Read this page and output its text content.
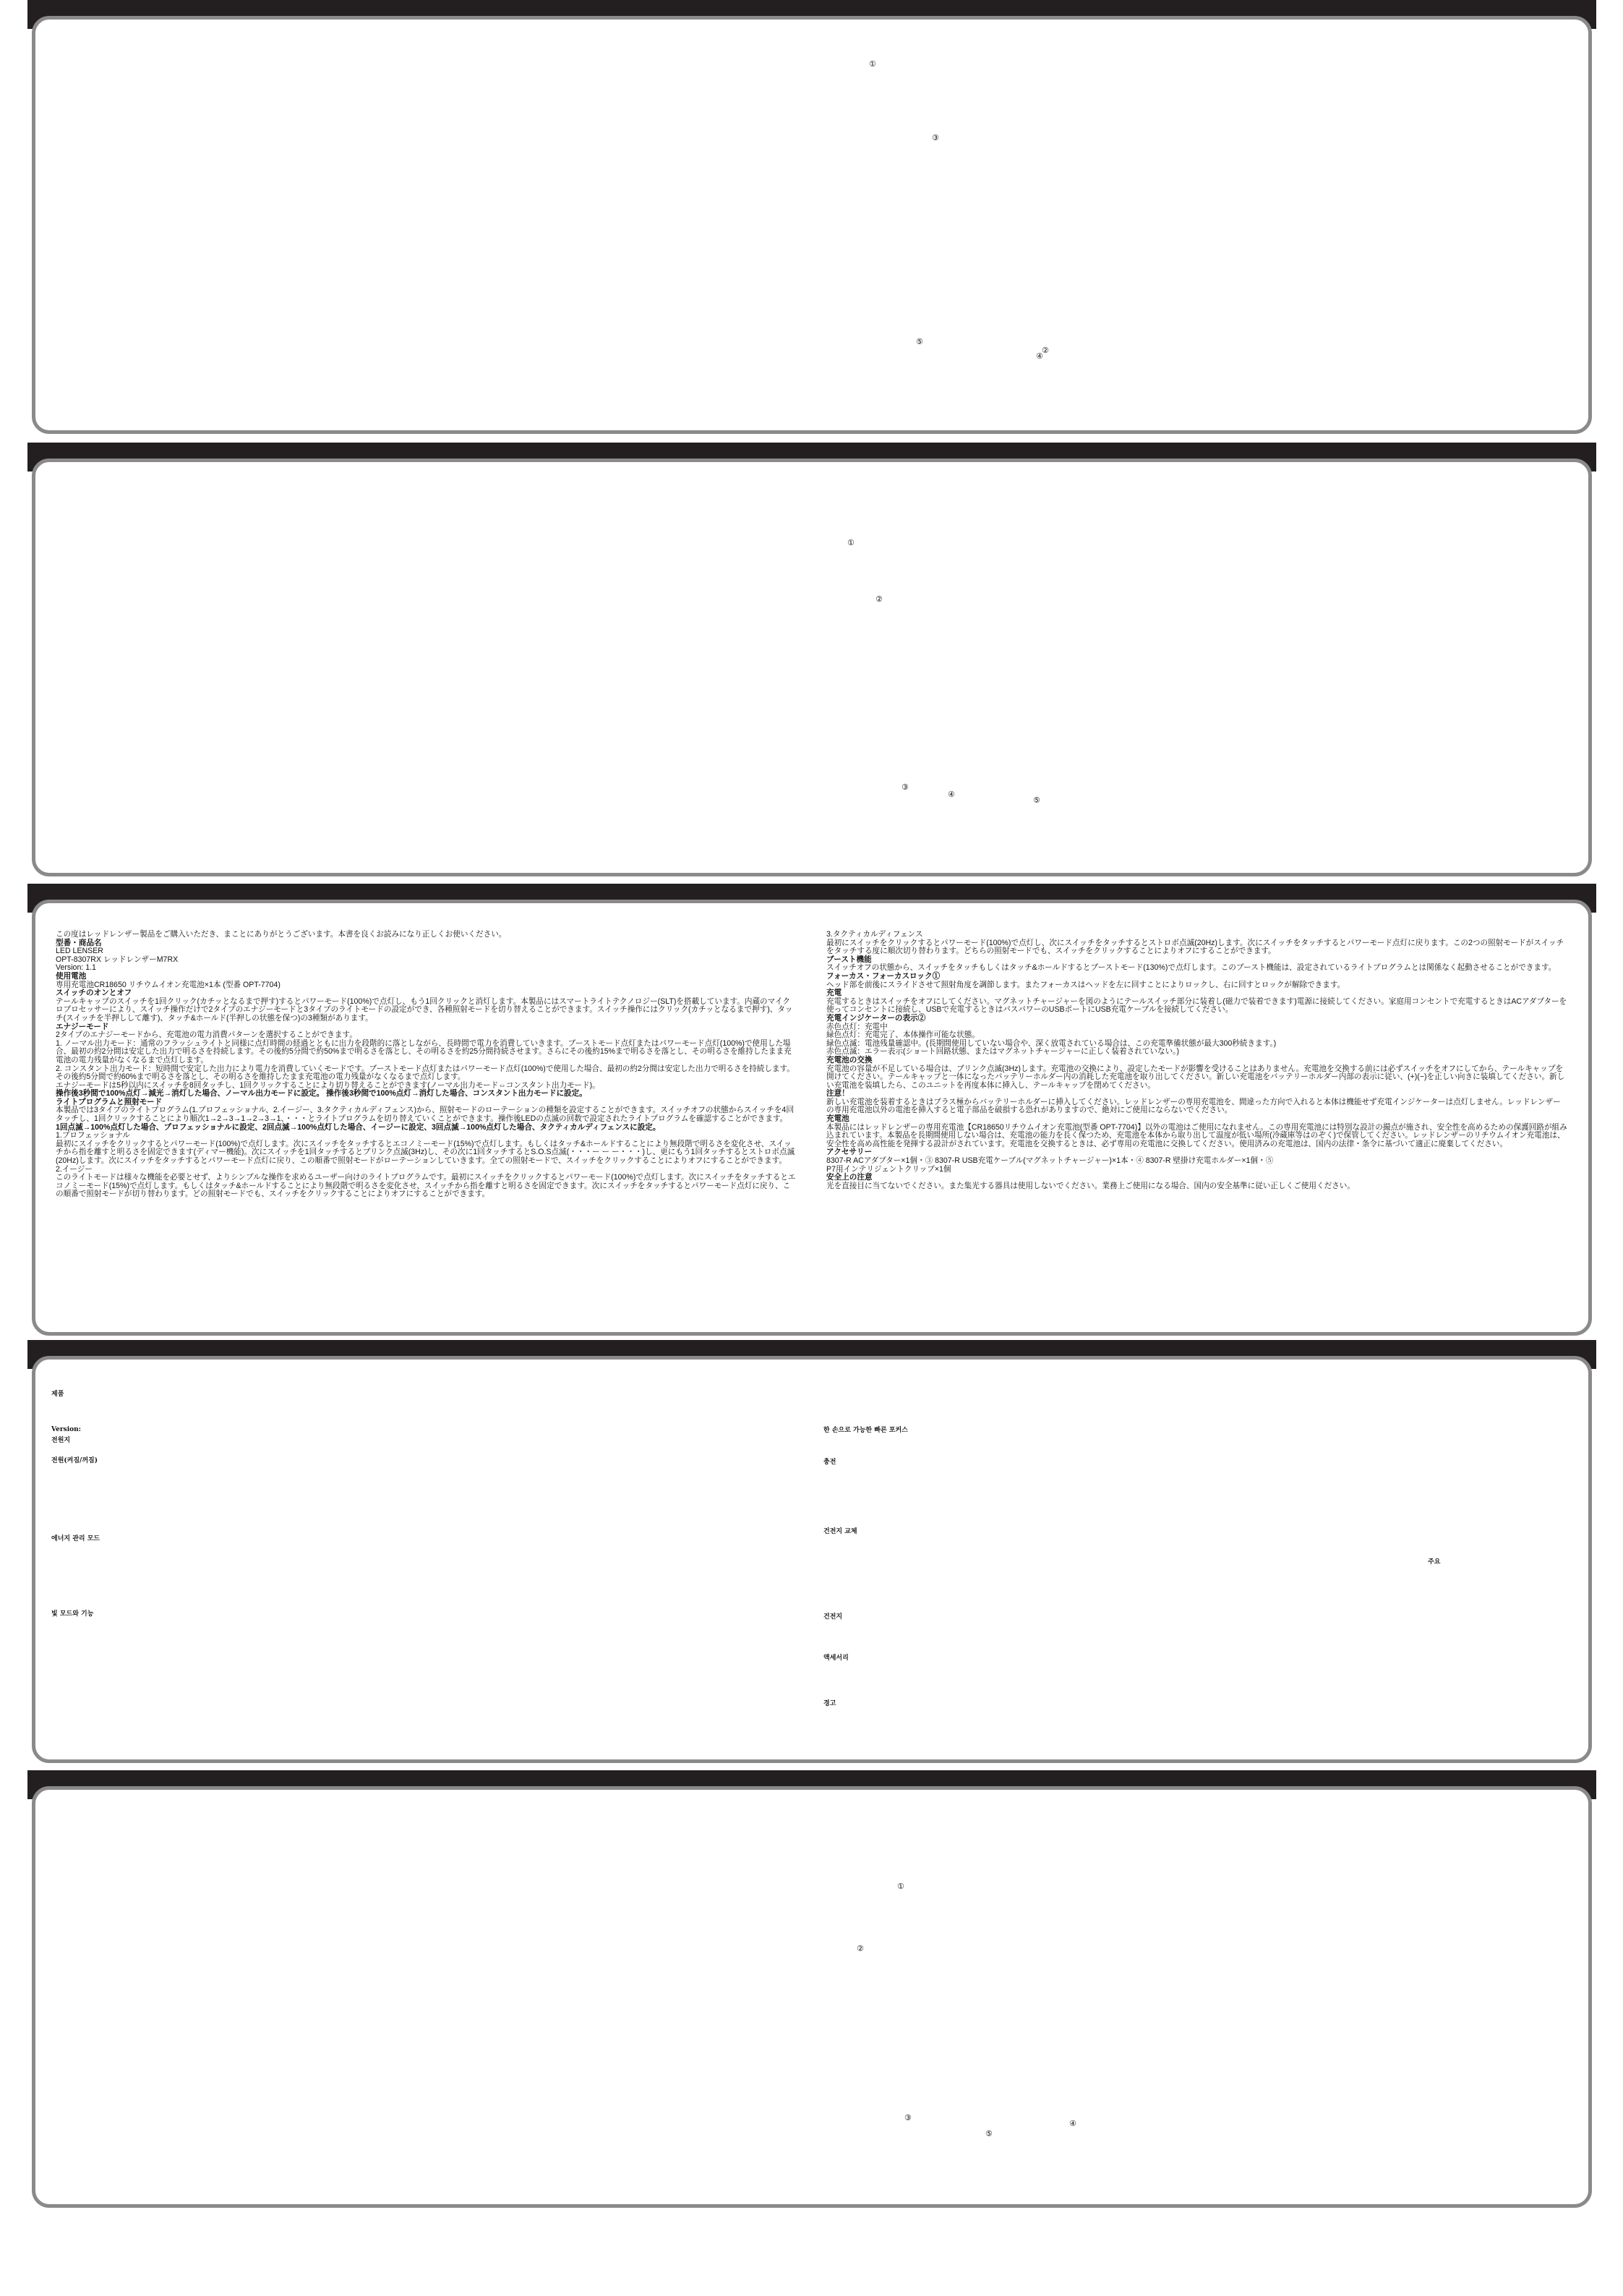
①
③
⑤
②
④
①
②
③
④
⑤

この度はレッドレンザー製品をご購入いただき、まことにありがとうございます。本書を良くお読みになり正しくお使いください。

型番・商品名

LED LENSER

OPT-8307RX レッドレンザーM7RX

Version: 1.1

使用電池

専用充電池CR18650 リチウムイオン充電池×1本 (型番 OPT-7704)

スイッチのオンとオフ

テールキャップのスイッチを1回クリック(カチッとなるまで押す)するとパワーモード(100%)で点灯し、もう1回クリックと消灯します。本製品にはスマートライトテクノロジー(SLT)を搭載しています。内蔵のマイクロプロセッサーにより、スイッチ操作だけで2タイプのエナジーモードと3タイプのライトモードの設定ができ、各種照射モードを切り替えることができます。スイッチ操作にはクリック(カチッとなるまで押す)、タッチ(スイッチを半押しして離す)、タッチ&ホールド(半押しの状態を保つ)の3種類があります。

エナジーモード

2タイプのエナジーモードから、充電池の電力消費パターンを選択することができます。

1. ノーマル出力モード：通常のフラッシュライトと同様に点灯時間の経過とともに出力を段階的に落としながら、長時間で電力を消費していきます。ブーストモード点灯またはパワーモード点灯(100%)で使用した場合、最初の約2分間は安定した出力で明るさを持続します。その後約5分間で約50%まで明るさを落とし、その明るさを約25分間持続させます。さらにその後約15%まで明るさを落とし、その明るさを維持したまま充電池の電力残量がなくなるまで点灯します。

2. コンスタント出力モード：短時間で安定した出力により電力を消費していくモードです。ブーストモード点灯またはパワーモード点灯(100%)で使用した場合、最初の約2分間は安定した出力で明るさを持続します。その後約5分間で約60%まで明るさを落とし、その明るさを維持したまま充電池の電力残量がなくなるまで点灯します。

エナジーモードは5秒以内にスイッチを8回タッチし、1回クリックすることにより切り替えることができます(ノーマル出力モード⇔コンスタント出力モード)。

操作後3秒間で100%点灯→減光→消灯した場合、ノーマル出力モードに設定。 操作後3秒間で100%点灯→消灯した場合、コンスタント出力モードに設定。

ライトプログラムと照射モード

本製品では3タイプのライトプログラム(1.プロフェッショナル、2.イージー、3.タクティカルディフェンス)から、照射モードのローテーションの種類を設定することができます。スイッチオフの状態からスイッチを4回タッチし、1回クリックすることにより順次1→2→3→1→2→3→1、・・・とライトプログラムを切り替えていくことができます。操作後LEDの点滅の回数で設定されたライトプログラムを確認することができます。

1回点滅→100%点灯した場合、プロフェッショナルに設定、2回点滅→100%点灯した場合、イージーに設定、3回点滅→100%点灯した場合、タクティカルディフェンスに設定。

1.プロフェッショナル

最初にスイッチをクリックするとパワーモード(100%)で点灯します。次にスイッチをタッチするとエコノミーモード(15%)で点灯します。もしくはタッチ&ホールドすることにより無段階で明るさを変化させ、スイッチから指を離すと明るさを固定できます(ディマー機能)。次にスイッチを1回タッチするとブリンク点滅(3Hz)し、その次に1回タッチするとS.O.S点滅(・・・ー ー ー・・・)し、更にもう1回タッチするとストロボ点滅(20Hz)します。次にスイッチをタッチするとパワーモード点灯に戻り、この順番で照射モードがローテーションしていきます。全ての照射モードで、スイッチをクリックすることによりオフにすることができます。

2.イージー

このライトモードは様々な機能を必要とせず、よりシンプルな操作を求めるユーザー向けのライトプログラムです。最初にスイッチをクリックするとパワーモード(100%)で点灯します。次にスイッチをタッチするとエコノミーモード(15%)で点灯します。もしくはタッチ&ホールドすることにより無段階で明るさを変化させ、スイッチから指を離すと明るさを固定できます。次にスイッチをタッチするとパワーモード点灯に戻り、この順番で照射モードが切り替わります。どの照射モードでも、スイッチをクリックすることによりオフにすることができます。

3.タクティカルディフェンス

最初にスイッチをクリックするとパワーモード(100%)で点灯し、次にスイッチをタッチするとストロボ点滅(20Hz)します。次にスイッチをタッチするとパワーモード点灯に戻ります。この2つの照射モードがスイッチをタッチする度に順次切り替わります。どちらの照射モードでも、スイッチをクリックすることによりオフにすることができます。

ブースト機能

スイッチオフの状態から、スイッチをタッチもしくはタッチ&ホールドするとブーストモード(130%)で点灯します。このブースト機能は、設定されているライトプログラムとは関係なく起動させることができます。

フォーカス・フォーカスロック①

ヘッド部を前後にスライドさせて照射角度を調節します。またフォーカスはヘッドを左に回すことによりロックし、右に回すとロックが解除できます。

充電

充電するときはスイッチをオフにしてください。マグネットチャージャーを図のようにテールスイッチ部分に装着し(磁力で装着できます)電源に接続してください。家庭用コンセントで充電するときはACアダプターを使ってコンセントに接続し、USBで充電するときはパスパワーのUSBポートにUSB充電ケーブルを接続してください。

充電インジケーターの表示②

赤色点灯：充電中

緑色点灯：充電完了、本体操作可能な状態。

緑色点滅：電池残量確認中。(長期間使用していない場合や、深く放電されている場合は、この充電準備状態が最大300秒続きます。)

赤色点滅：エラー表示(ショート回路状態、またはマグネットチャージャーに正しく装着されていない。)

充電池の交換

充電池の容量が不足している場合は、ブリンク点滅(3Hz)します。充電池の交換により、設定したモードが影響を受けることはありません。充電池を交換する前には必ずスイッチをオフにしてから、テールキャップを開けてください。テールキャップと一体になったバッテリーホルダー内の消耗した充電池を取り出してください。新しい充電池をバッテリーホルダー内部の表示に従い、(+)(−)を正しい向きに装填してください。新しい充電池を装填したら、このユニットを再度本体に挿入し、テールキャップを閉めてください。

注意！

新しい充電池を装着するときはプラス極からバッテリーホルダーに挿入してください。レッドレンザーの専用充電池を、間違った方向で入れると本体は機能せず充電インジケーターは点灯しません。レッドレンザーの専用充電池以外の電池を挿入すると電子部品を破損する恐れがありますので、絶対にご使用にならないでください。

充電池

本製品にはレッドレンザーの専用充電池【CR18650リチウムイオン充電池(型番 OPT-7704)】以外の電池はご使用になれません。この専用充電池には特別な設計の撮点が施され、安全性を高めるための保護回路が組み込まれています。本製品を長期間使用しない場合は、充電池の能力を長く保つため、充電池を本体から取り出して温度が低い場所(冷蔵庫等はのぞく)で保管してください。レッドレンザーのリチウムイオン充電池は、安全性を高め高性能を発揮する設計がされています。充電池を交換するときは、必ず専用の充電池に交換してください。使用済みの充電池は、国内の法律・条令に基づいて適正に廃棄してください。

アクセサリー

8307-R ACアダプター×1個・③ 8307-R USB充電ケーブル(マグネットチャージャー)×1本・④ 8307-R 壁掛け充電ホルダー×1個・⑤

P7用インテリジェントクリップ×1個

安全上の注意

光を直接目に当てないでください。また集光する器具は使用しないでください。業務上ご使用になる場合、国内の安全基準に従い正しくご使用ください。

제품
Version:
전원지
전원(켜짐/꺼짐)
에너지 관리 모드
빛 모드와 기능
한 손으로 가능한 빠른 포커스
충전
건전지 교체
주요
건전지
액세서리
경고
①
②
③
⑤
④
